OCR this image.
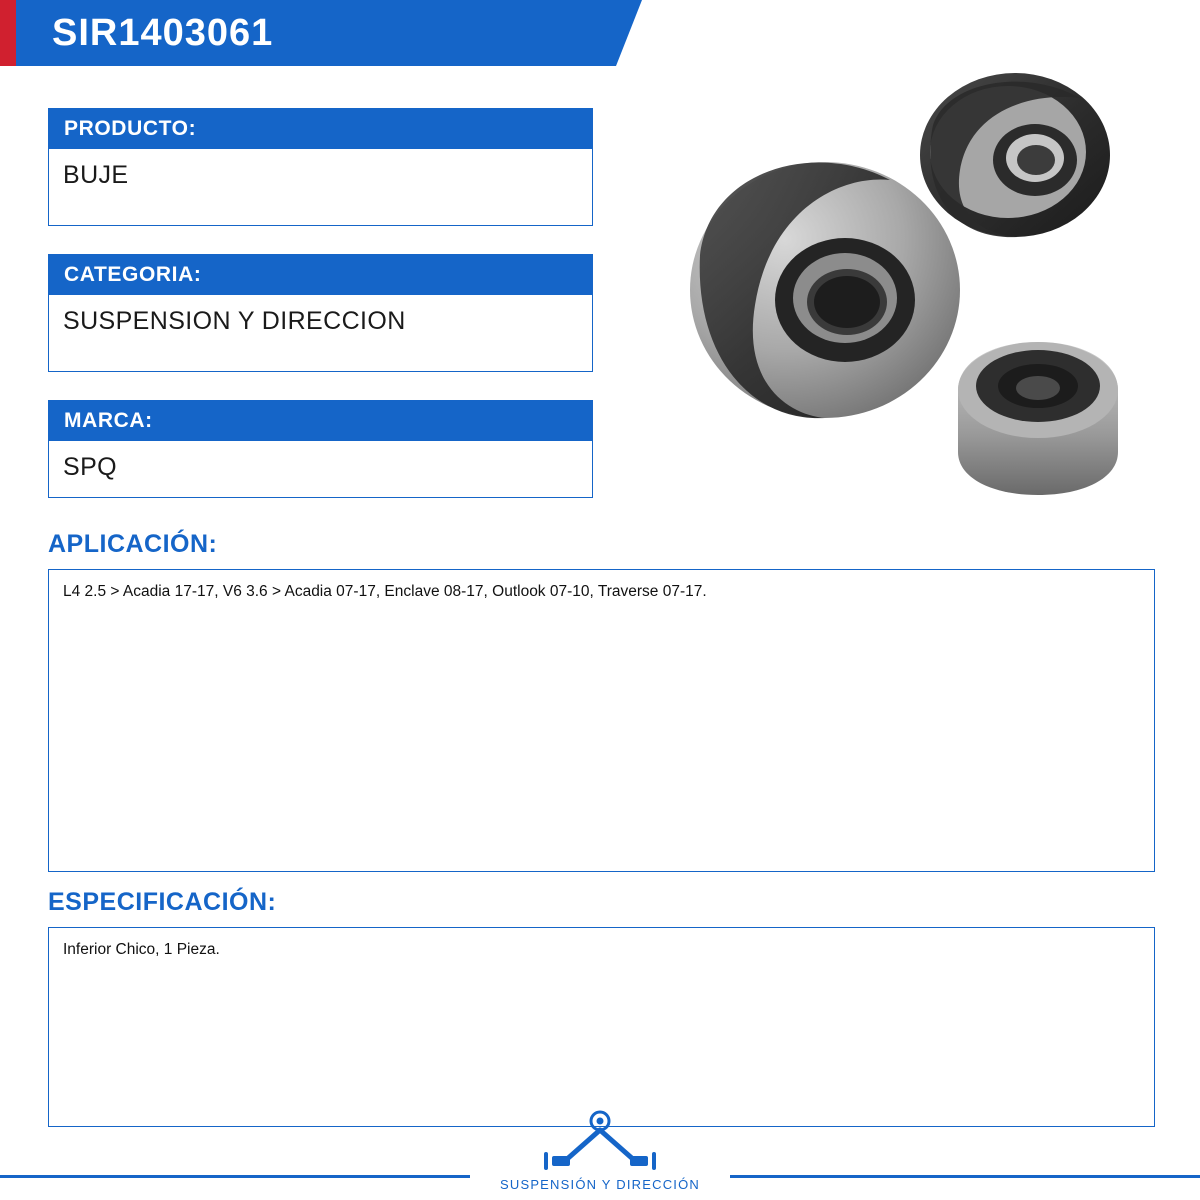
SIR1403061
PRODUCTO:
BUJE
CATEGORIA:
SUSPENSION Y DIRECCION
MARCA:
SPQ
APLICACIÓN:
L4 2.5 > Acadia 17-17, V6 3.6 > Acadia 07-17, Enclave 08-17, Outlook 07-10, Traverse 07-17.
ESPECIFICACIÓN:
Inferior Chico, 1 Pieza.
SUSPENSIÓN Y DIRECCIÓN
